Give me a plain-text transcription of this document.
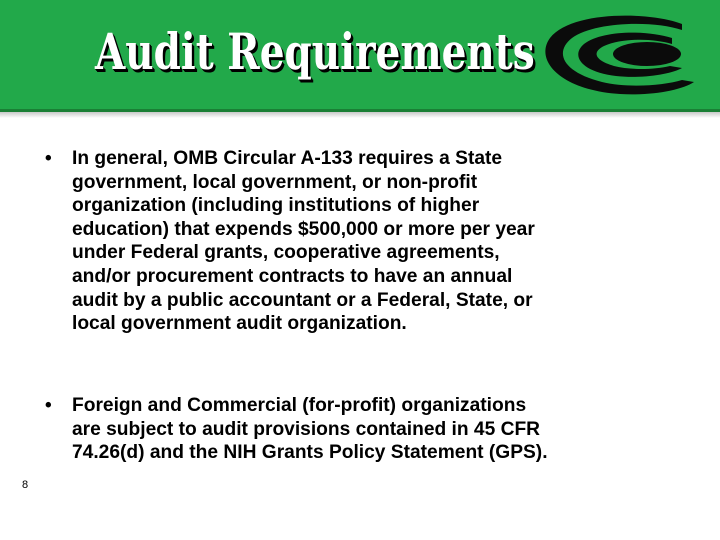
Audit Requirements
• In general, OMB Circular A-133 requires a State
government, local government, or non-profit
organization (including institutions of higher
education) that expends $500,000 or more per year
under Federal grants, cooperative agreements,
and/or procurement contracts to have an annual
audit by a public accountant or a Federal, State, or
local government audit organization.
• Foreign and Commercial (for-profit) organizations
are subject to audit provisions contained in 45 CFR
74.26(d) and the NIH Grants Policy Statement (GPS).
8
